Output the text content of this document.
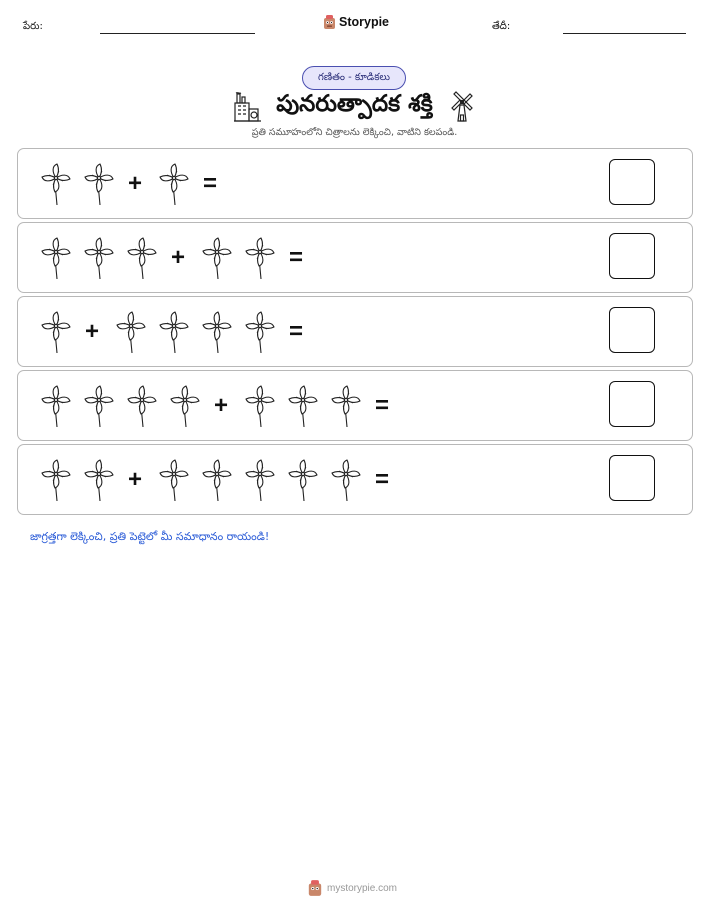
పేరు:	Storypie	తేదీ:
గణితం - కూడికలు
పునరుత్పాదక శక్తి
ప్రతి సమూహంలోని చిత్రాలను లెక్కించి, వాటిని కలపండి.
+	=
+	=
+	=
+	=
+	=
జాగ్రత్తగా లెక్కించి, ప్రతి పెట్టెలో మీ సమాధానం రాయండి!
mystorypie.com
